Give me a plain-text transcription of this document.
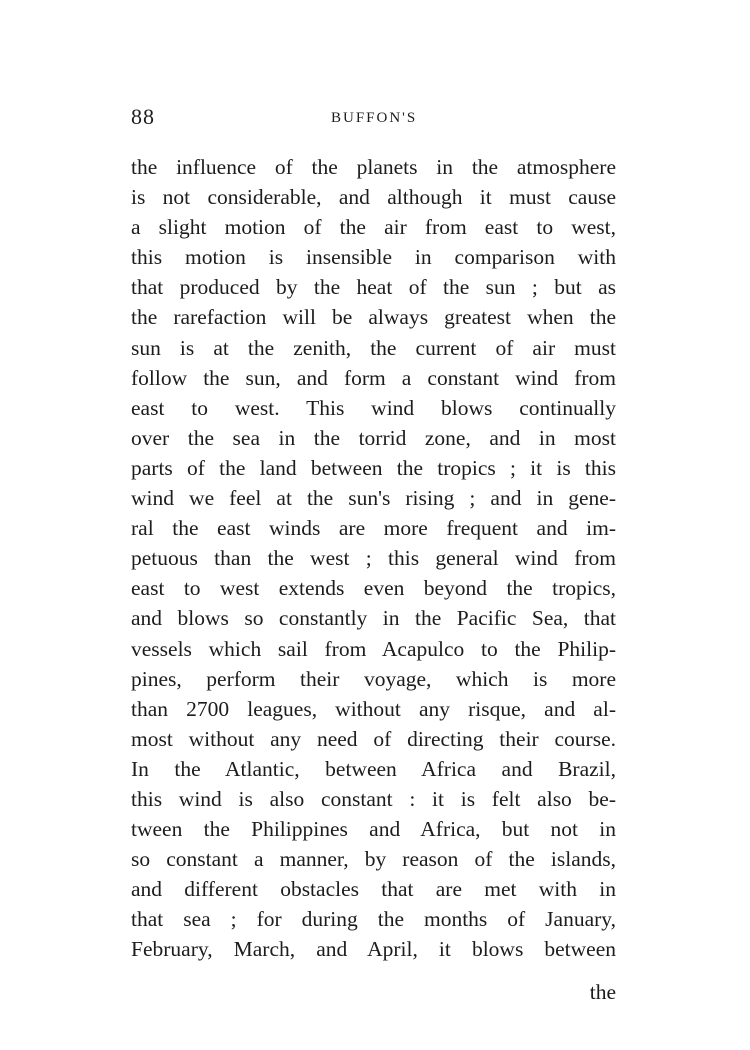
88	BUFFON'S
the influence of the planets in the atmosphere
is not considerable, and although it must cause
a slight motion of the air from east to west,
this motion is insensible in comparison with
that produced by the heat of the sun ; but as
the rarefaction will be always greatest when the
sun is at the zenith, the current of air must
follow the sun, and form a constant wind from
east to west. This wind blows continually
over the sea in the torrid zone, and in most
parts of the land between the tropics ; it is this
wind we feel at the sun's rising ; and in gene-
ral the east winds are more frequent and im-
petuous than the west ; this general wind from
east to west extends even beyond the tropics,
and blows so constantly in the Pacific Sea, that
vessels which sail from Acapulco to the Philip-
pines, perform their voyage, which is more
than 2700 leagues, without any risque, and al-
most without any need of directing their course.
In the Atlantic, between Africa and Brazil,
this wind is also constant : it is felt also be-
tween the Philippines and Africa, but not in
so constant a manner, by reason of the islands,
and different obstacles that are met with in
that sea ; for during the months of January,
February, March, and April, it blows between
the
